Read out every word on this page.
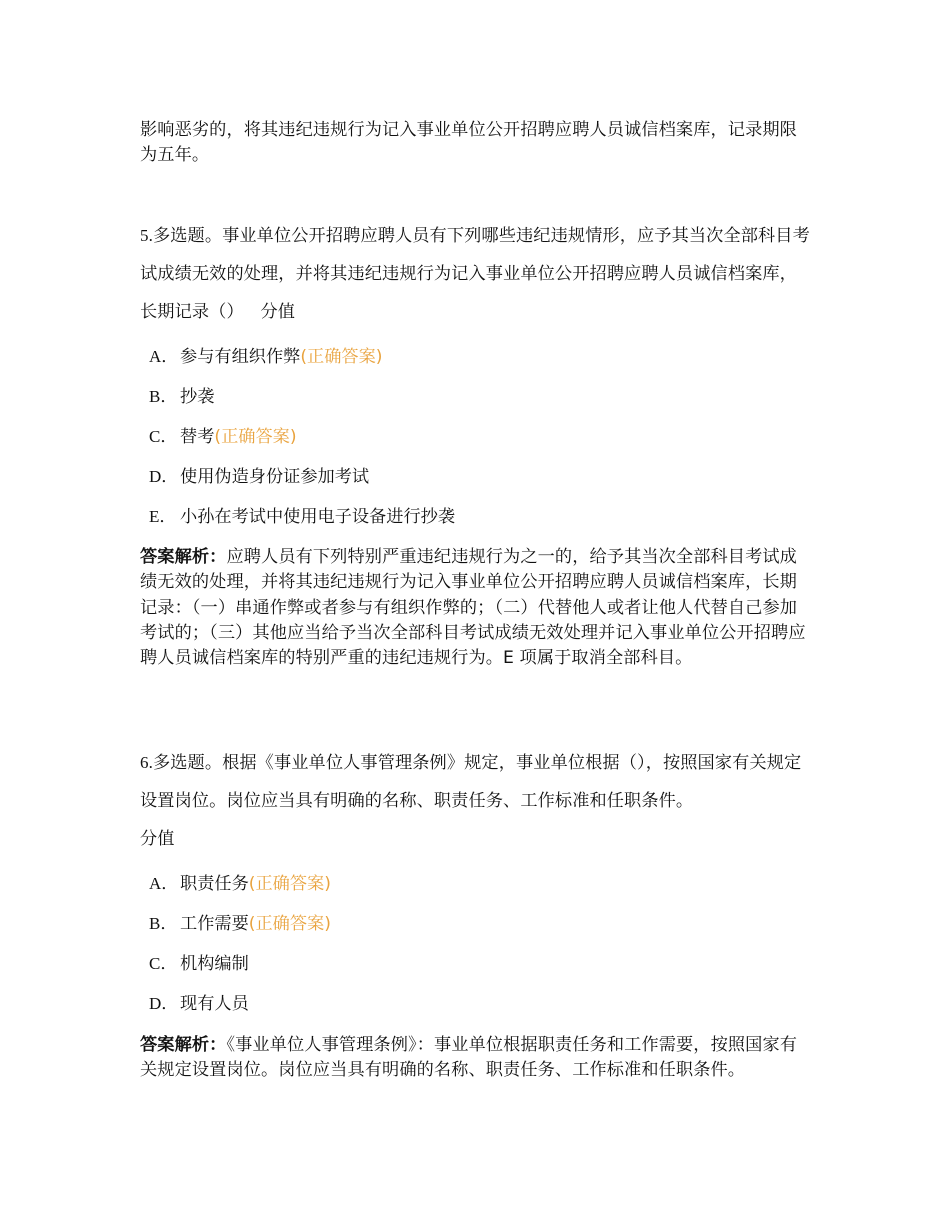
影响恶劣的，将其违纪违规行为记入事业单位公开招聘应聘人员诚信档案库，记录期限为五年。
5.多选题。事业单位公开招聘应聘人员有下列哪些违纪违规情形，应予其当次全部科目考试成绩无效的处理，并将其违纪违规行为记入事业单位公开招聘应聘人员诚信档案库，长期记录（） 分值
A．参与有组织作弊(正确答案)
B． 抄袭
C． 替考(正确答案)
D．使用伪造身份证参加考试
E． 小孙在考试中使用电子设备进行抄袭
答案解析：应聘人员有下列特别严重违纪违规行为之一的，给予其当次全部科目考试成绩无效的处理，并将其违纪违规行为记入事业单位公开招聘应聘人员诚信档案库，长期记录：（一）串通作弊或者参与有组织作弊的；（二）代替他人或者让他人代替自己参加考试的；（三）其他应当给予当次全部科目考试成绩无效处理并记入事业单位公开招聘应聘人员诚信档案库的特别严重的违纪违规行为。E 项属于取消全部科目。
6.多选题。根据《事业单位人事管理条例》规定，事业单位根据（），按照国家有关规定设置岗位。岗位应当具有明确的名称、职责任务、工作标准和任职条件。
分值
A．职责任务(正确答案)
B． 工作需要(正确答案)
C． 机构编制
D．现有人员
答案解析：《事业单位人事管理条例》：事业单位根据职责任务和工作需要，按照国家有关规定设置岗位。岗位应当具有明确的名称、职责任务、工作标准和任职条件。
